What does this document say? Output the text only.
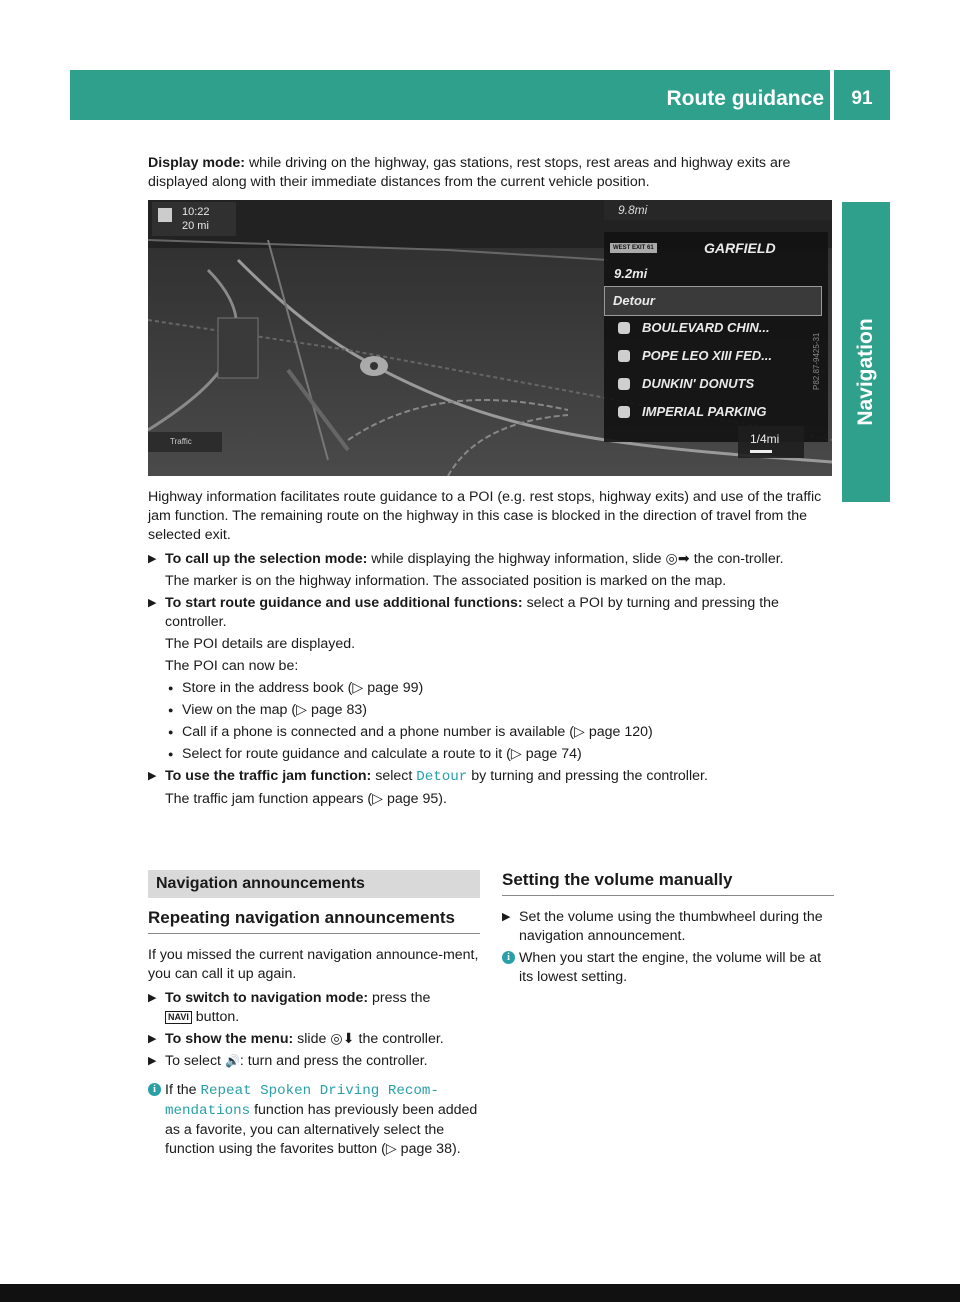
Route guidance	91
Navigation
Display mode: while driving on the highway, gas stations, rest stops, rest areas and highway exits are displayed along with their immediate distances from the current vehicle position.
10:22
20 mi
9.8mi
WEST EXIT 61	GARFIELD
9.2mi
Detour
BOULEVARD CHIN...
POPE LEO XIII FED...
DUNKIN' DONUTS
IMPERIAL PARKING
Traffic	1/4mi
P82.87-9425-31

Highway information facilitates route guidance to a POI (e.g. rest stops, highway exits) and use of the traffic jam function. The remaining route on the highway in this case is blocked in the direction of travel from the selected exit.

▶ To call up the selection mode: while displaying the highway information, slide ◎➡ the con-troller.
The marker is on the highway information. The associated position is marked on the map.
▶ To start route guidance and use additional functions: select a POI by turning and pressing the controller.
The POI details are displayed.
The POI can now be:
● Store in the address book (▷ page 99)
● View on the map (▷ page 83)
● Call if a phone is connected and a phone number is available (▷ page 120)
● Select for route guidance and calculate a route to it (▷ page 74)
▶ To use the traffic jam function: select Detour by turning and pressing the controller.
The traffic jam function appears (▷ page 95).
Navigation announcements
Repeating navigation announcements

If you missed the current navigation announce-ment, you can call it up again.

▶ To switch to navigation mode: press the
NAVI button.
▶ To show the menu: slide ◎⬇ the controller.
▶ To select 🔊: turn and press the controller.
i If the Repeat Spoken Driving Recom-mendations function has previously been added as a favorite, you can alternatively select the function using the favorites button (▷ page 38).
Setting the volume manually
▶ Set the volume using the thumbwheel during the navigation announcement.
i When you start the engine, the volume will be at its lowest setting.
